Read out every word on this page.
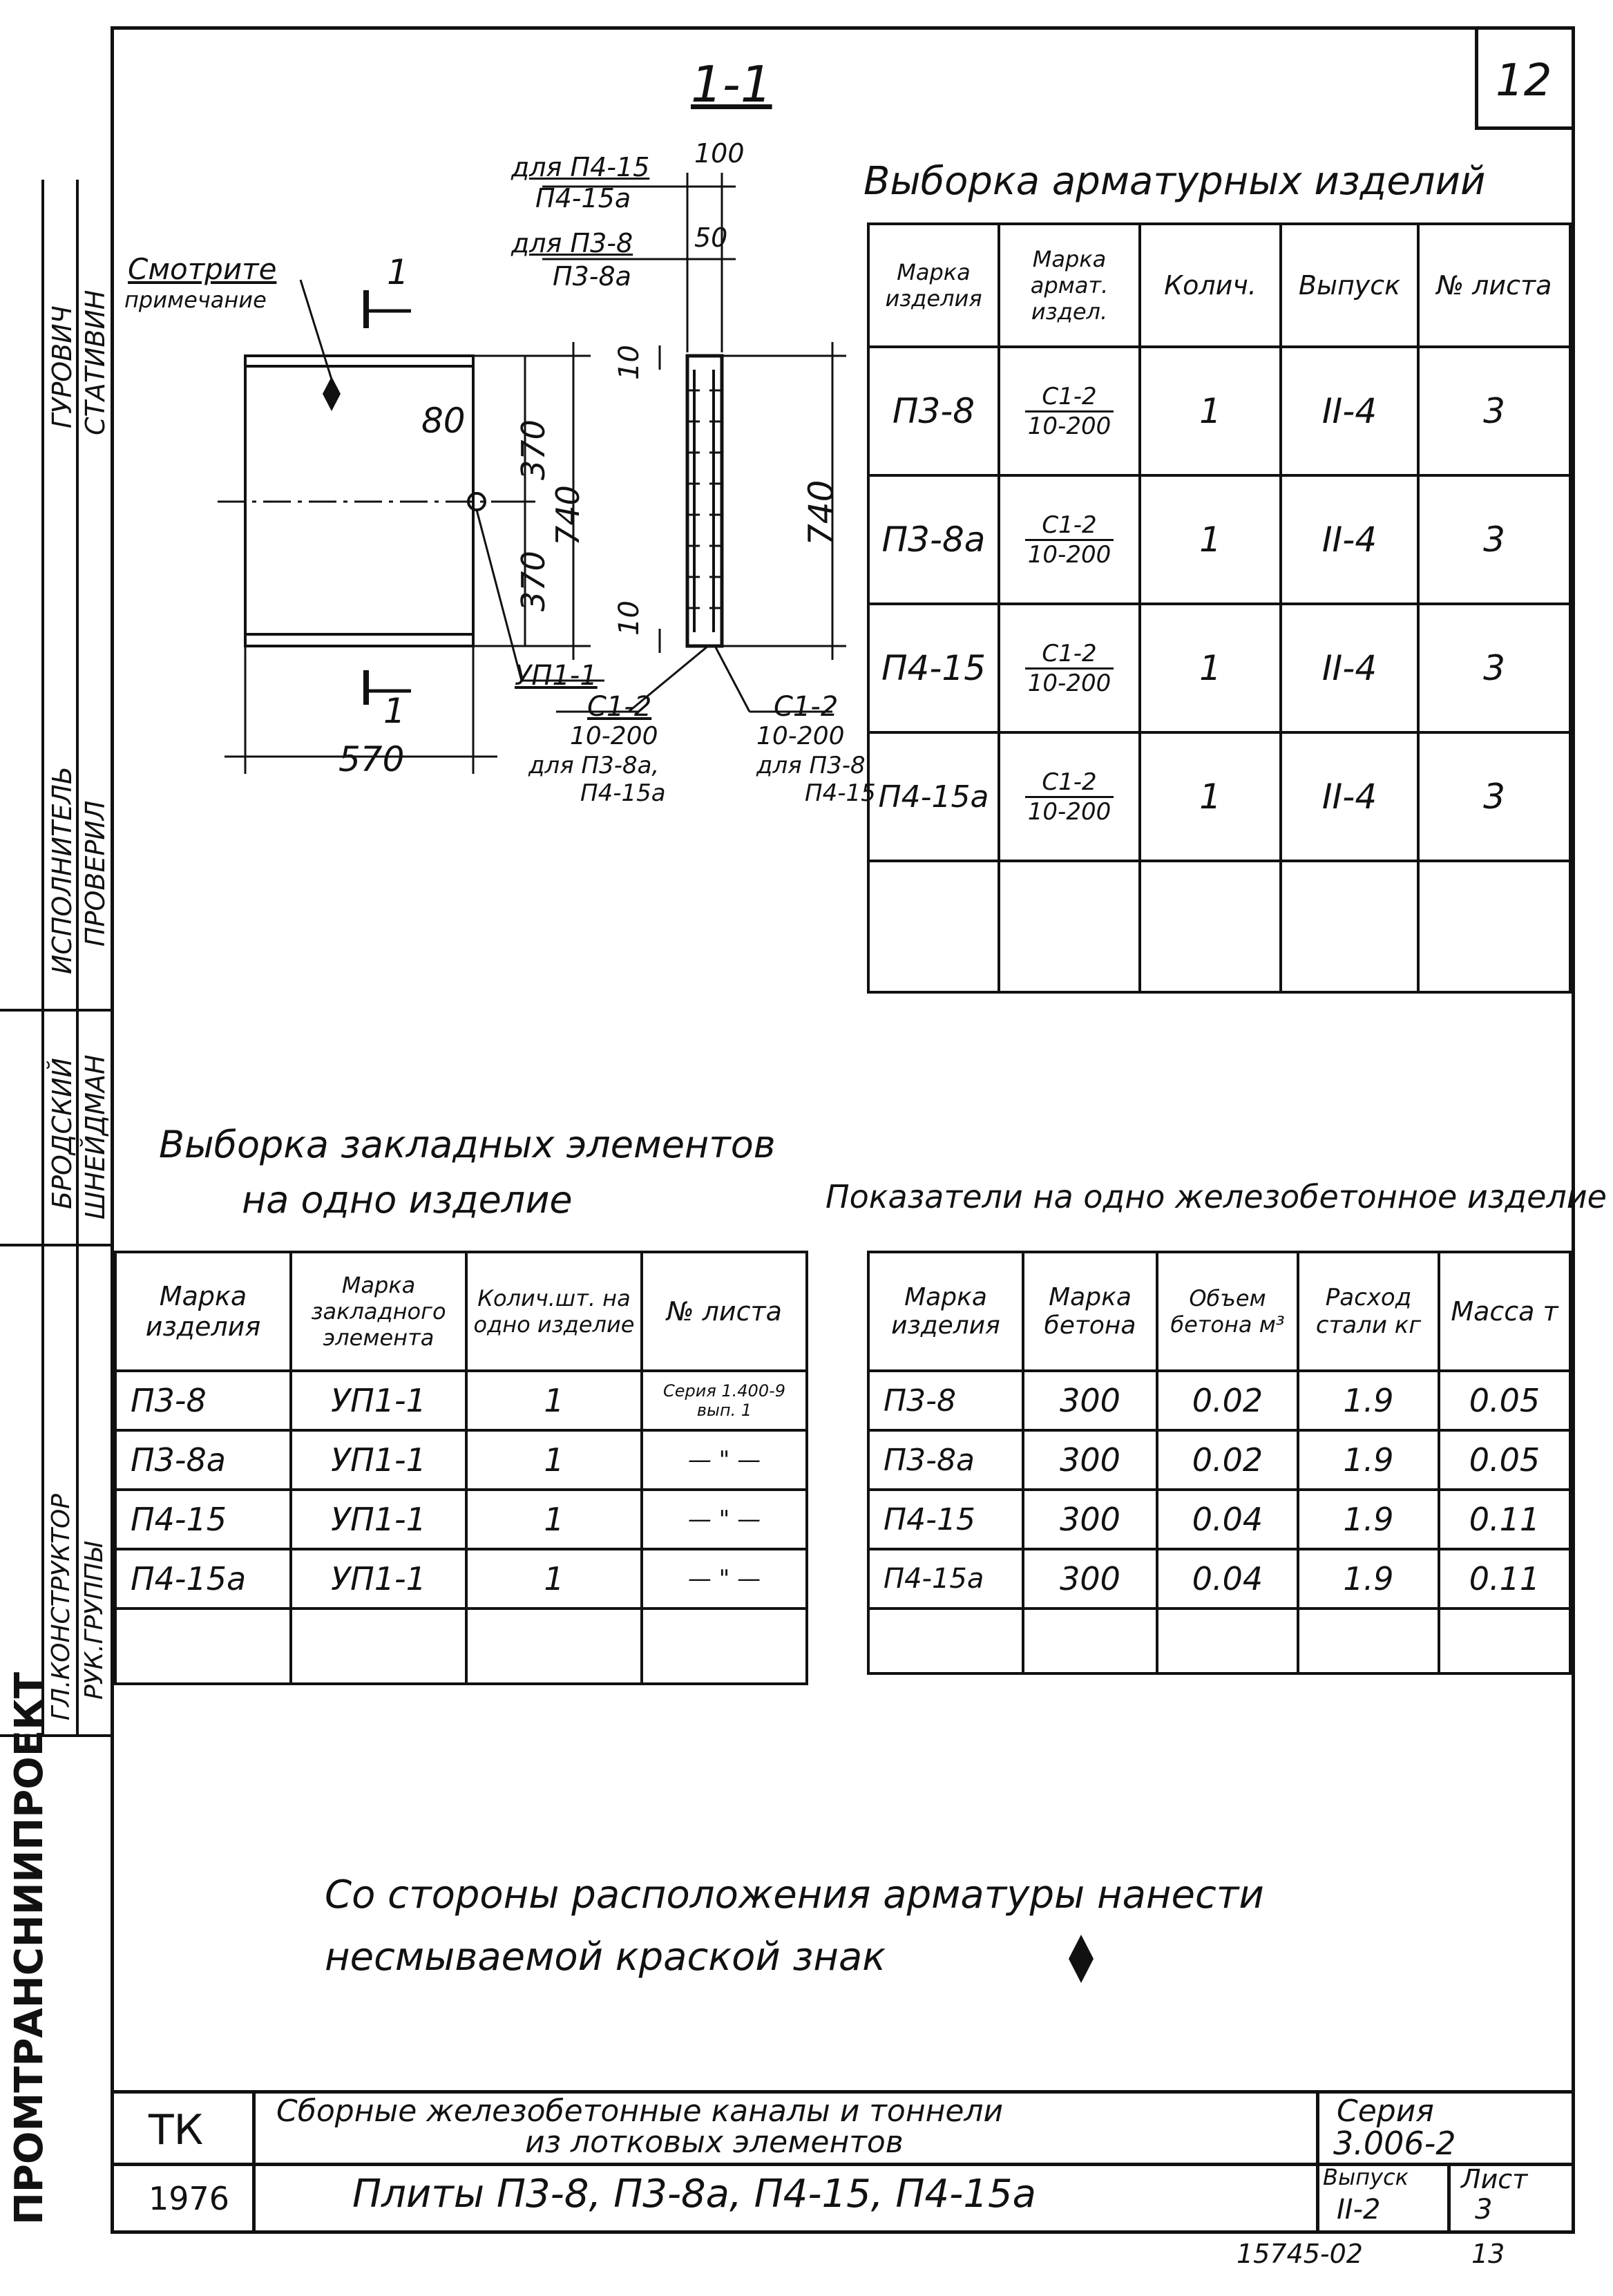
12
ИСПОЛНИТЕЛЬ ПРОВЕРИЛ
ГУРОВИЧ СТАТИВИН
БРОДСКИЙ ШНЕЙДМАН
ГЛ.КОНСТРУКТОР РУК.ГРУППЫ
ПРОМТРАНСНИИПРОЕКТ
1-1
Смотрите
примечание
1
1
80 370
370
740	740
570
10
10
для П4-15
П4-15а
100
для П3-8
П3-8а
50
УП1-1
С1-2
10-200
для П3-8а,
П4-15а
С1-2
10-200
для П3-8
П4-15
Выборка арматурных изделий
Марка изделия	Марка армат. издел.	Колич.	Выпуск	№ листа
П3-8	$\frac{С1-2}{10-200}$	1	II-4	3
П3-8а	$\frac{С1-2}{10-200}$	1	II-4	3
П4-15	$\frac{С1-2}{10-200}$	1	II-4	3
П4-15а	$\frac{С1-2}{10-200}$	1	II-4	3

Выборка закладных элементов
на одно изделие
Марка изделия	Марка закладного элемента	Колич.шт. на одно изделие	№ листа
П3-8	УП1-1	1	Серия 1.400-9 вып. 1
П3-8а	УП1-1	1	— " —
П4-15	УП1-1	1	— " —
П4-15а	УП1-1	1	— " —

Показатели на одно железобетонное изделие
Марка изделия	Марка бетона	Объем бетона м³	Расход стали кг	Масса т
П3-8	300	0.02	1.9	0.05
П3-8а	300	0.02	1.9	0.05
П4-15	300	0.04	1.9	0.11
П4-15а	300	0.04	1.9	0.11

Со стороны расположения арматуры нанести
несмываемой краской знак
ТК
1976
Сборные железобетонные каналы и тоннели
из лотковых элементов
Плиты П3-8, П3-8а, П4-15, П4-15а
Серия
3.006-2
Выпуск
II-2
Лист
3
15745-02	13
